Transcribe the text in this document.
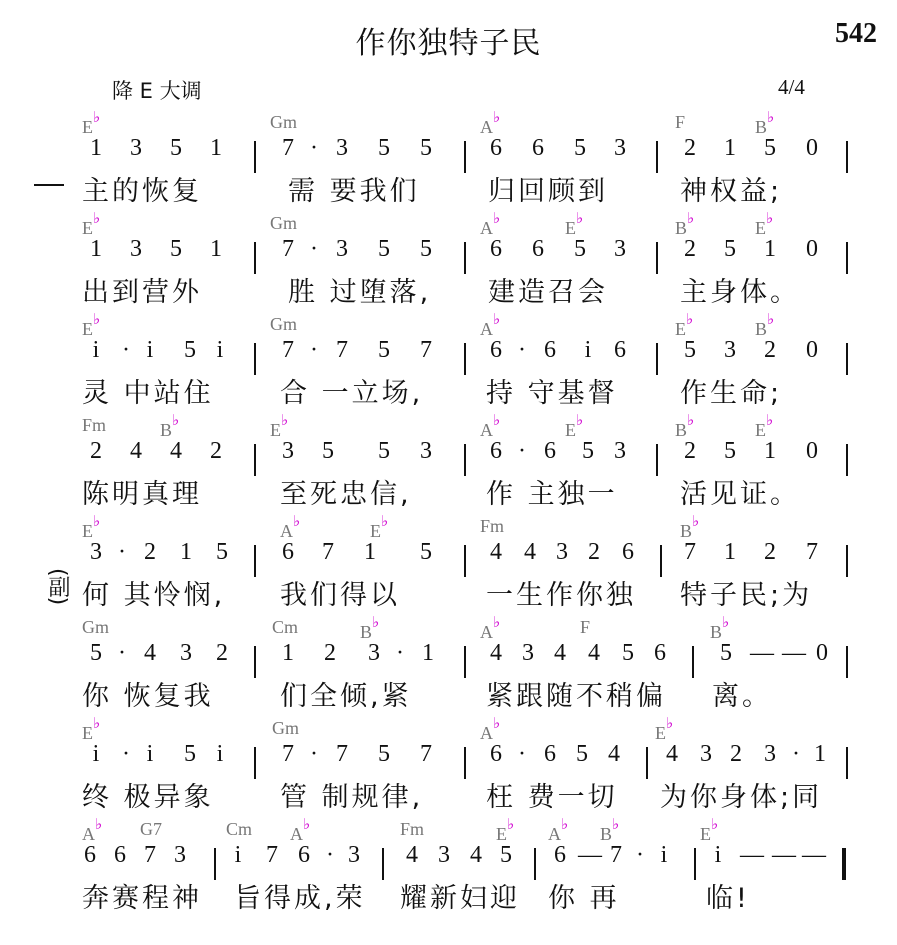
作你独特子民	542
降 E 大调	4/4
(副)
E♭	Gm	A♭	F	B♭
1 3 5 1	7 · 3 5 5 6 6 5 3 2 1 5 0
主的恢复	需 要我们	归回顾到	神权益;
E♭	Gm	A♭	E♭	B♭	E♭
1 3 5 1	7 · 3 5 5 6 6 5 3 2 5 1 0
出到营外	胜 过堕落, 建造召会	主身体。
E♭	Gm	A♭	E♭	B♭
i · i 5 i 7 · 7 5 7 6 · 6 i 6 5 3 2 0
灵 中站住 合 一立场, 持 守基督 作生命;
Fm	B♭	E♭	A♭	E♭	B♭	E♭
2 4 4 2	3 5 5 3 6 · 6 5 3 2 5 1 0
陈明真理	至死忠信,	作 主独一 活见证。
E♭	A♭	E♭	Fm	B♭
3 · 2 1 5 6 7 1 5 4 4 3 2 6 7 1 2 7
何 其怜悯, 我们得以	一生作你独 特子民;为
Gm	Cm	B♭	A♭	F	B♭
5 · 4 3 2 1 2 3 · 1 4 3 4 4 5 6 5 — — 0
你 恢复我 们全倾,紧	紧跟随不稍偏 离。
E♭	Gm	A♭	E♭
i · i 5 i 7 · 7 5 7 6 · 6 5 4 4 3 2 3 · 1
终 极异象 管 制规律, 枉 费一切 为你身体;同
A♭ G7	Cm A♭	Fm	E♭ A♭ B♭	E♭
6 6 7 3 i 7 6 · 3 4 3 4 5 6 — 7 · i i — — —
奔赛程神 旨得成,荣 耀新妇迎 你 再	临!
